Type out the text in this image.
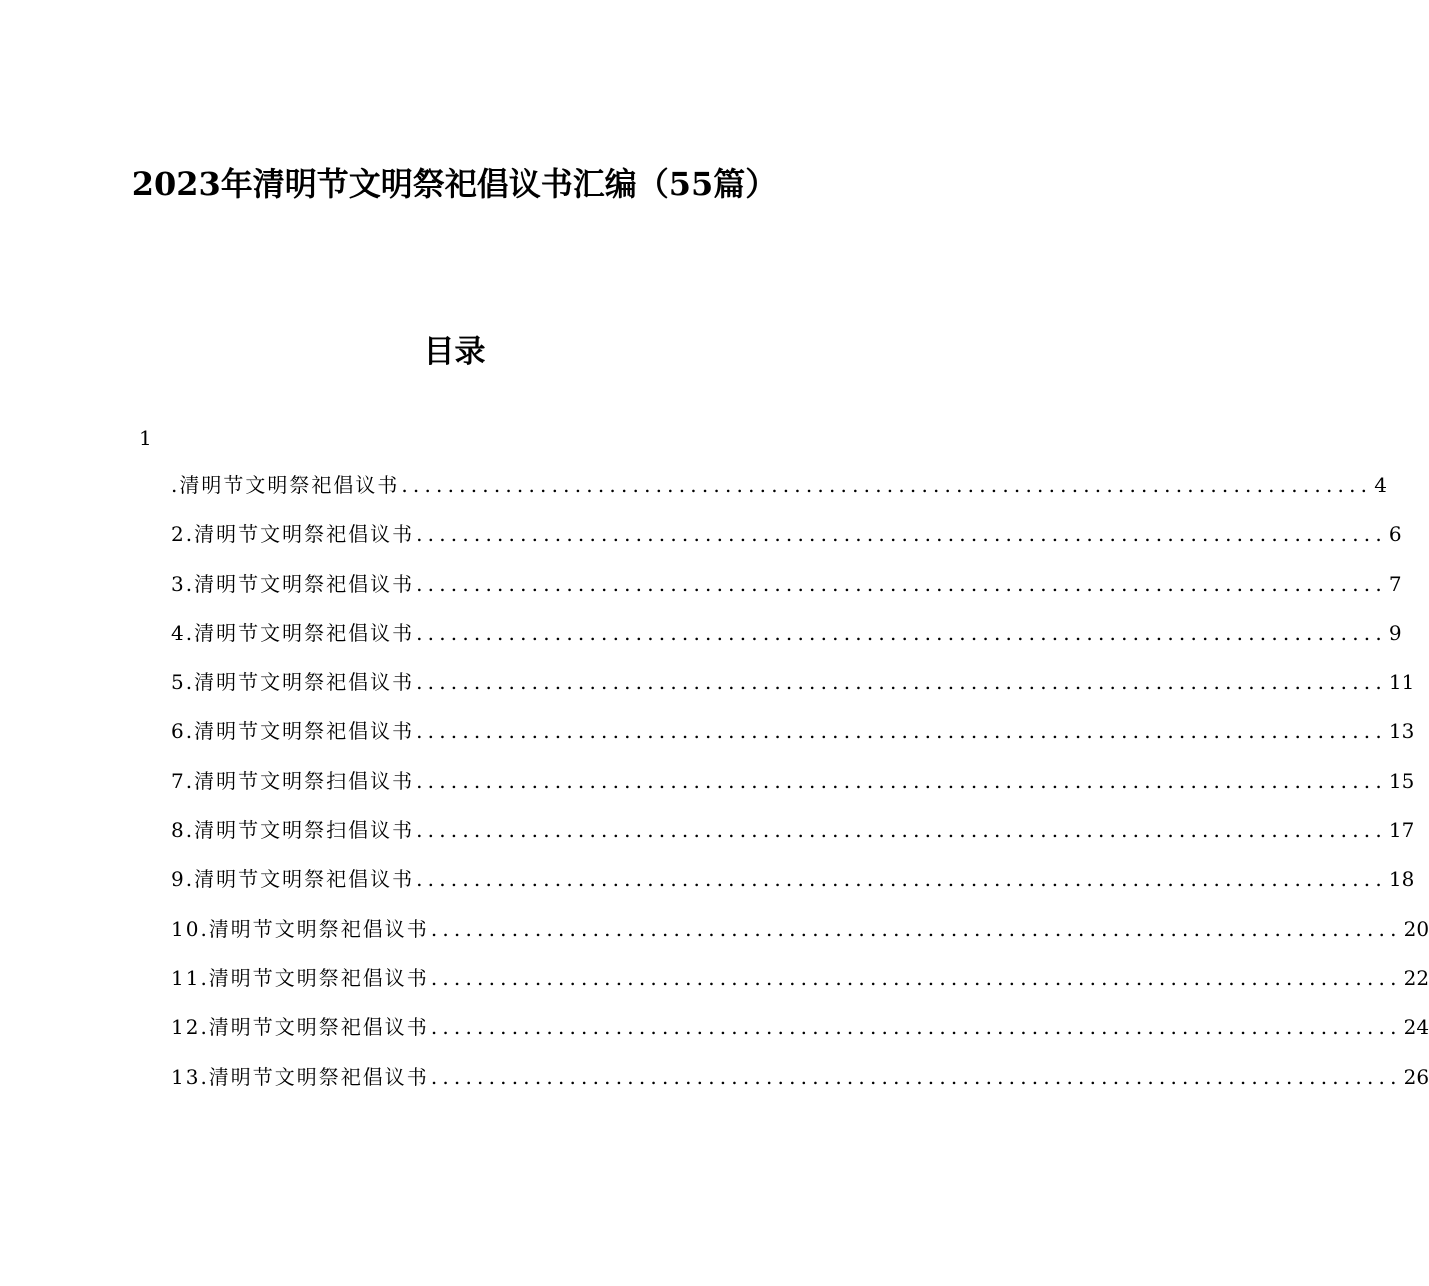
2023年清明节文明祭祀倡议书汇编（55篇）
目录
1
.清明节文明祭祀倡议书 .................................................................................... 4
2.清明节文明祭祀倡议书 .................................................................................... 6
3.清明节文明祭祀倡议书 .................................................................................... 7
4.清明节文明祭祀倡议书 .................................................................................... 9
5.清明节文明祭祀倡议书 .................................................................................... 11
6.清明节文明祭祀倡议书 .................................................................................... 13
7.清明节文明祭扫倡议书 .................................................................................... 15
8.清明节文明祭扫倡议书 .................................................................................... 17
9.清明节文明祭祀倡议书 .................................................................................... 18
10.清明节文明祭祀倡议书 .................................................................................... 20
11.清明节文明祭祀倡议书 .................................................................................... 22
12.清明节文明祭祀倡议书 .................................................................................... 24
13.清明节文明祭祀倡议书 .................................................................................... 26
